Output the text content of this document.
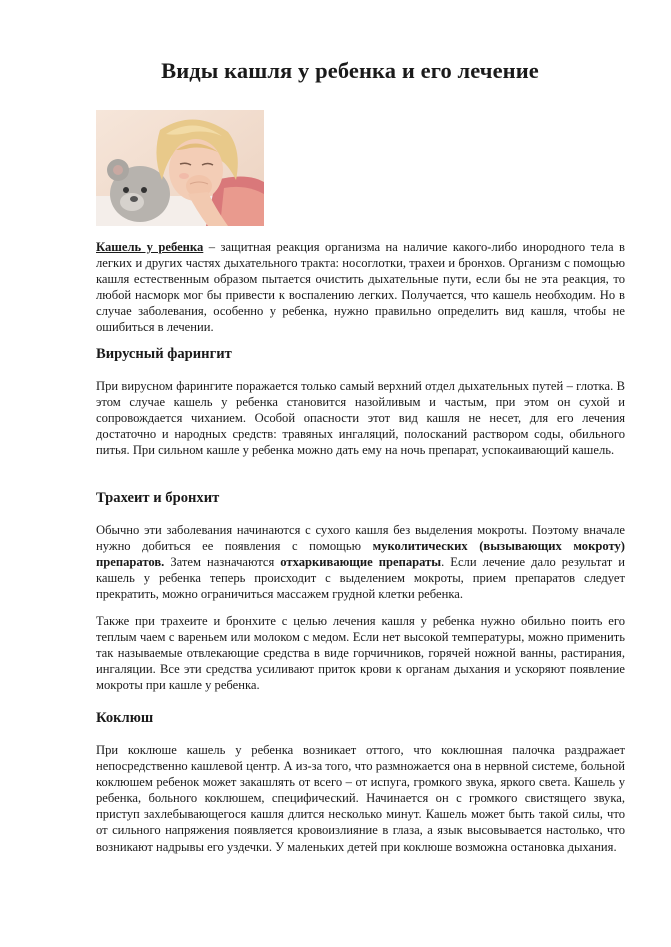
Виды кашля у ребенка и его лечение

Кашель у ребенка – защитная реакция организма на наличие какого-либо инородного тела в легких и других частях дыхательного тракта: носоглотки, трахеи и бронхов. Организм с помощью кашля естественным образом пытается очистить дыхательные пути, если бы не эта реакция, то любой насморк мог бы привести к воспалению легких. Получается, что кашель необходим. Но в случае заболевания, особенно у ребенка, нужно правильно определить вид кашля, чтобы не ошибиться в лечении.

Вирусный фарингит

При вирусном фарингите поражается только самый верхний отдел дыхательных путей – глотка. В этом случае кашель у ребенка становится назойливым и частым, при этом он сухой и сопровождается чиханием. Особой опасности этот вид кашля не несет, для его лечения достаточно и народных средств: травяных ингаляций, полосканий раствором соды, обильного питья. При сильном кашле у ребенка можно дать ему на ночь препарат, успокаивающий кашель.

Трахеит и бронхит

Обычно эти заболевания начинаются с сухого кашля без выделения мокроты. Поэтому вначале нужно добиться ее появления с помощью муколитических (вызывающих мокроту) препаратов. Затем назначаются отхаркивающие препараты. Если лечение дало результат и кашель у ребенка теперь происходит с выделением мокроты, прием препаратов следует прекратить, можно ограничиться массажем грудной клетки ребенка.

Также при трахеите и бронхите с целью лечения кашля у ребенка нужно обильно поить его теплым чаем с вареньем или молоком с медом. Если нет высокой температуры, можно применить так называемые отвлекающие средства в виде горчичников, горячей ножной ванны, растирания, ингаляции. Все эти средства усиливают приток крови к органам дыхания и ускоряют появление мокроты при кашле у ребенка.

Коклюш

При коклюше кашель у ребенка возникает оттого, что коклюшная палочка раздражает непосредственно кашлевой центр. А из-за того, что размножается она в нервной системе, больной коклюшем ребенок может закашлять от всего – от испуга, громкого звука, яркого света. Кашель у ребенка, больного коклюшем, специфический. Начинается он с громкого свистящего звука, приступ захлебывающегося кашля длится несколько минут. Кашель может быть такой силы, что от сильного напряжения появляется кровоизлияние в глаза, а язык высовывается настолько, что возникают надрывы его уздечки. У маленьких детей при коклюше возможна остановка дыхания.
